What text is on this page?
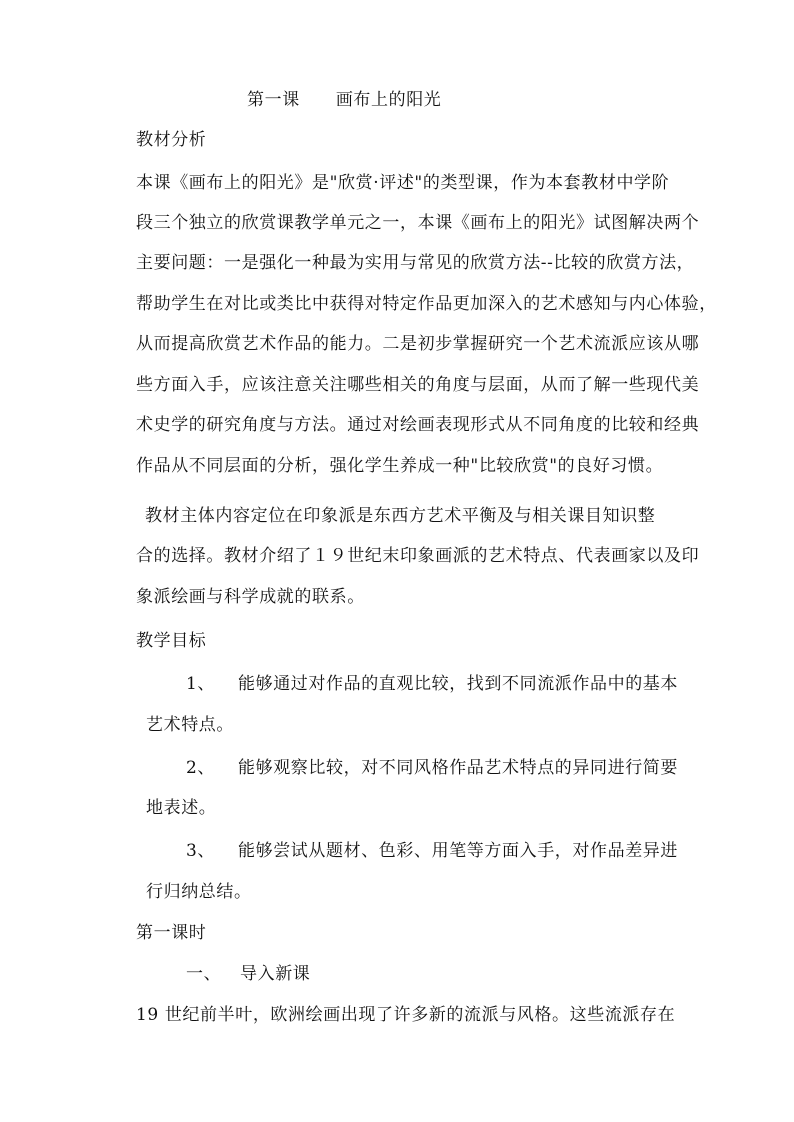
第一课 画布上的阳光
教材分析
本课《画布上的阳光》是"欣赏·评述"的类型课，作为本套教材中学阶
段三个独立的欣赏课教学单元之一，本课《画布上的阳光》试图解决两个
主要问题：一是强化一种最为实用与常见的欣赏方法--比较的欣赏方法，
帮助学生在对比或类比中获得对特定作品更加深入的艺术感知与内心体验，
从而提高欣赏艺术作品的能力。二是初步掌握研究一个艺术流派应该从哪
些方面入手，应该注意关注哪些相关的角度与层面，从而了解一些现代美
术史学的研究角度与方法。通过对绘画表现形式从不同角度的比较和经典
作品从不同层面的分析，强化学生养成一种"比较欣赏"的良好习惯。
教材主体内容定位在印象派是东西方艺术平衡及与相关课目知识整
合的选择。教材介绍了１９世纪末印象画派的艺术特点、代表画家以及印
象派绘画与科学成就的联系。
教学目标
1、 能够通过对作品的直观比较，找到不同流派作品中的基本
艺术特点。
2、 能够观察比较，对不同风格作品艺术特点的异同进行简要
地表述。
3、 能够尝试从题材、色彩、用笔等方面入手，对作品差异进
行归纳总结。
第一课时
一、 导入新课
19 世纪前半叶，欧洲绘画出现了许多新的流派与风格。这些流派存在
